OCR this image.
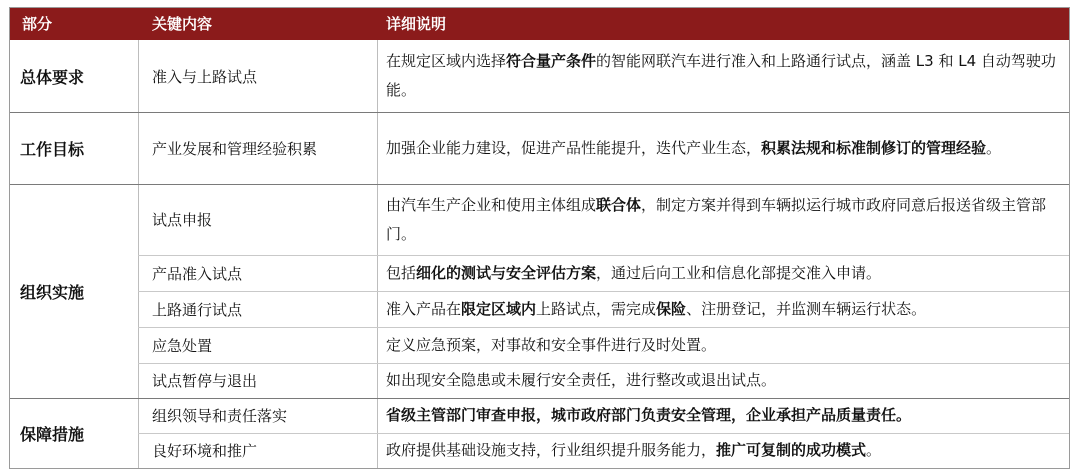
部分	关键内容	详细说明
总体要求
工作目标
组织实施
保障措施
准入与上路试点
产业发展和管理经验积累
试点申报
产品准入试点
上路通行试点
应急处置
试点暂停与退出
组织领导和责任落实
良好环境和推广
在规定区域内选择符合量产条件的智能网联汽车进行准入和上路通行试点，涵盖 L3 和 L4 自动驾驶功能。
加强企业能力建设，促进产品性能提升，迭代产业生态，积累法规和标准制修订的管理经验。
由汽车生产企业和使用主体组成联合体，制定方案并得到车辆拟运行城市政府同意后报送省级主管部门。
包括细化的测试与安全评估方案，通过后向工业和信息化部提交准入申请。
准入产品在限定区域内上路试点，需完成保险、注册登记，并监测车辆运行状态。
定义应急预案，对事故和安全事件进行及时处置。
如出现安全隐患或未履行安全责任，进行整改或退出试点。
省级主管部门审查申报，城市政府部门负责安全管理，企业承担产品质量责任。
政府提供基础设施支持，行业组织提升服务能力，推广可复制的成功模式。
